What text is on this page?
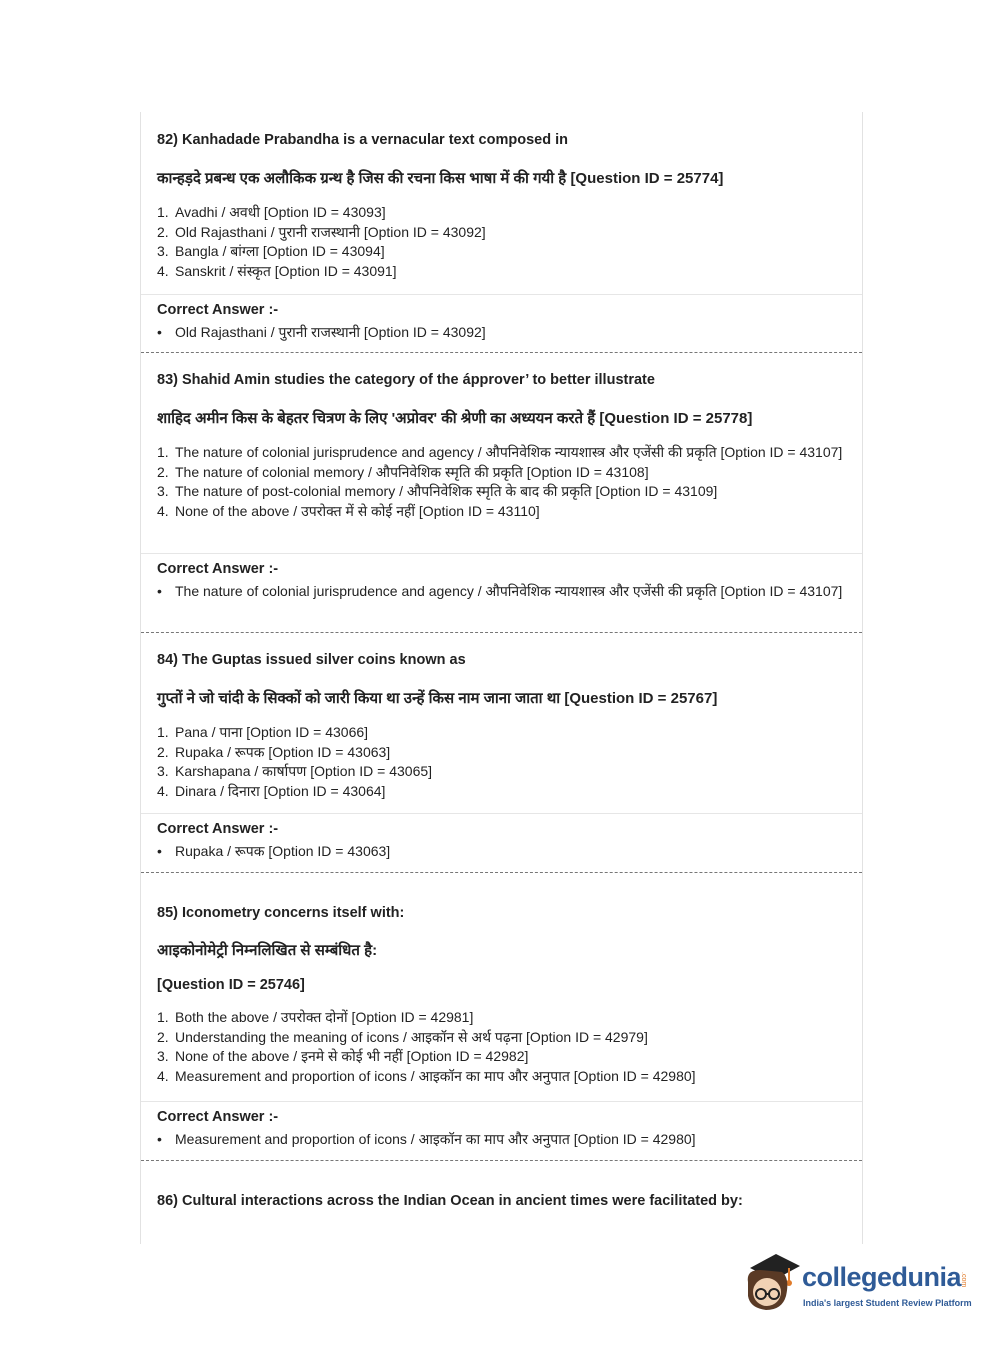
82) Kanhadade Prabandha is a vernacular text composed in

कान्हड़दे प्रबन्ध एक अलौकिक ग्रन्थ है जिस की रचना किस भाषा में की गयी है [Question ID = 25774]

1. Avadhi / अवधी [Option ID = 43093]
2. Old Rajasthani / पुरानी राजस्थानी [Option ID = 43092]
3. Bangla / बांग्ला [Option ID = 43094]
4. Sanskrit / संस्कृत [Option ID = 43091]

Correct Answer :-

• Old Rajasthani / पुरानी राजस्थानी [Option ID = 43092]

83) Shahid Amin studies the category of the ápprover’ to better illustrate

शाहिद अमीन किस के बेहतर चित्रण के लिए 'अप्रोवर' की श्रेणी का अध्ययन करते हैं [Question ID = 25778]

1. The nature of colonial jurisprudence and agency / औपनिवेशिक न्यायशास्त्र और एजेंसी की प्रकृति [Option ID = 43107]
2. The nature of colonial memory / औपनिवेशिक स्मृति की प्रकृति [Option ID = 43108]
3. The nature of post-colonial memory / औपनिवेशिक स्मृति के बाद की प्रकृति [Option ID = 43109]
4. None of the above / उपरोक्त में से कोई नहीं [Option ID = 43110]

Correct Answer :-

• The nature of colonial jurisprudence and agency / औपनिवेशिक न्यायशास्त्र और एजेंसी की प्रकृति [Option ID = 43107]

84) The Guptas issued silver coins known as

गुप्तों ने जो चांदी के सिक्कों को जारी किया था उन्हें किस नाम जाना जाता था [Question ID = 25767]

1. Pana / पाना [Option ID = 43066]
2. Rupaka / रूपक [Option ID = 43063]
3. Karshapana / कार्षापण [Option ID = 43065]
4. Dinara / दिनारा [Option ID = 43064]

Correct Answer :-

• Rupaka / रूपक [Option ID = 43063]

85) Iconometry concerns itself with:

आइकोनोमेट्री निम्नलिखित से सम्बंधित है:

[Question ID = 25746]

1. Both the above / उपरोक्त दोनों [Option ID = 42981]
2. Understanding the meaning of icons / आइकॉन से अर्थ पढ़ना [Option ID = 42979]
3. None of the above / इनमे से कोई भी नहीं [Option ID = 42982]
4. Measurement and proportion of icons / आइकॉन का माप और अनुपात [Option ID = 42980]

Correct Answer :-

• Measurement and proportion of icons / आइकॉन का माप और अनुपात [Option ID = 42980]

86) Cultural interactions across the Indian Ocean in ancient times were facilitated by:

collegedunia
.com
India's largest Student Review Platform
